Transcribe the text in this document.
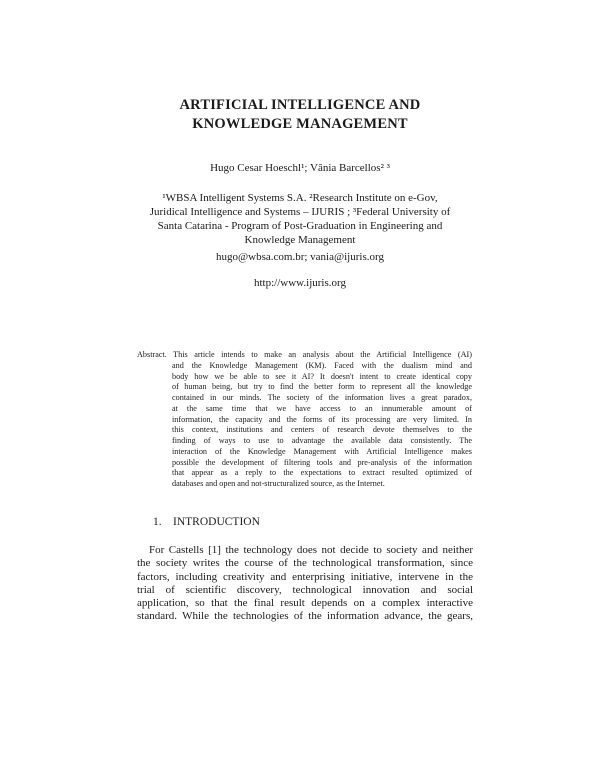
ARTIFICIAL INTELLIGENCE AND
KNOWLEDGE MANAGEMENT
Hugo Cesar Hoeschl¹; Vânia Barcellos² ³
¹WBSA Intelligent Systems S.A. ²Research Institute on e-Gov,
Juridical Intelligence and Systems – IJURIS ; ³Federal University of
Santa Catarina - Program of Post-Graduation in Engineering and
Knowledge Management
hugo@wbsa.com.br; vania@ijuris.org
http://www.ijuris.org
Abstract. This article intends to make an analysis about the Artificial Intelligence (AI)
and the Knowledge Management (KM). Faced with the dualism mind and
body how we be able to see it AI? It doesn't intent to create identical copy
of human being, but try to find the better form to represent all the knowledge
contained in our minds. The society of the information lives a great paradox,
at the same time that we have access to an innumerable amount of
information, the capacity and the forms of its processing are very limited. In
this context, institutions and centers of research devote themselves to the
finding of ways to use to advantage the available data consistently. The
interaction of the Knowledge Management with Artificial Intelligence makes
possible the development of filtering tools and pre-analysis of the information
that appear as a reply to the expectations to extract resulted optimized of
databases and open and not-structuralized source, as the Internet.
1. INTRODUCTION
For Castells [1] the technology does not decide to society and neither
the society writes the course of the technological transformation, since
factors, including creativity and enterprising initiative, intervene in the
trial of scientific discovery, technological innovation and social
application, so that the final result depends on a complex interactive
standard. While the technologies of the information advance, the gears,
